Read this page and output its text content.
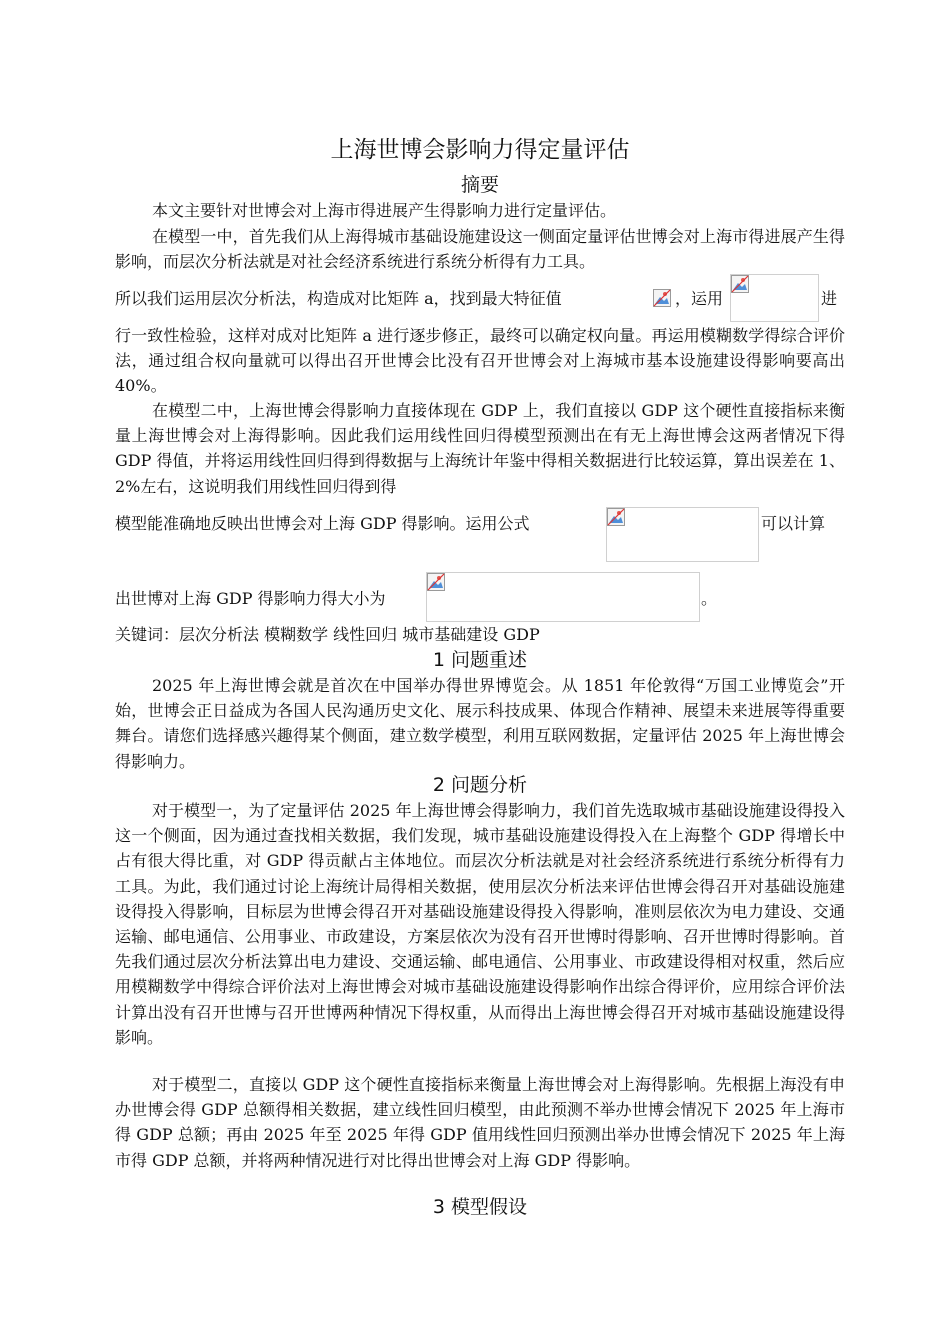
上海世博会影响力得定量评估
摘要
本文主要针对世博会对上海市得进展产生得影响力进行定量评估。
在模型一中，首先我们从上海得城市基础设施建设这一侧面定量评估世博会对上海市得进展产生得影响，而层次分析法就是对社会经济系统进行系统分析得有力工具。
所以我们运用层次分析法，构造成对比矩阵 a，找到最大特征值	，运用	进
行一致性检验，这样对成对比矩阵 a 进行逐步修正，最终可以确定权向量。再运用模糊数学得综合评价法，通过组合权向量就可以得出召开世博会比没有召开世博会对上海城市基本设施建设得影响要高出 40%。
在模型二中，上海世博会得影响力直接体现在 GDP 上，我们直接以 GDP 这个硬性直接指标来衡量上海世博会对上海得影响。因此我们运用线性回归得模型预测出在有无上海世博会这两者情况下得 GDP 得值，并将运用线性回归得到得数据与上海统计年鉴中得相关数据进行比较运算，算出误差在 1、2%左右，这说明我们用线性回归得到得
模型能准确地反映出世博会对上海 GDP 得影响。运用公式	可以计算
出世博对上海 GDP 得影响力得大小为	。
关键词：层次分析法 模糊数学 线性回归 城市基础建设 GDP
1 问题重述
2025 年上海世博会就是首次在中国举办得世界博览会。从 1851 年伦敦得“万国工业博览会”开始，世博会正日益成为各国人民沟通历史文化、展示科技成果、体现合作精神、展望未来进展等得重要舞台。请您们选择感兴趣得某个侧面，建立数学模型，利用互联网数据，定量评估 2025 年上海世博会得影响力。
2 问题分析
对于模型一，为了定量评估 2025 年上海世博会得影响力，我们首先选取城市基础设施建设得投入这一个侧面，因为通过查找相关数据，我们发现，城市基础设施建设得投入在上海整个 GDP 得增长中占有很大得比重，对 GDP 得贡献占主体地位。而层次分析法就是对社会经济系统进行系统分析得有力工具。为此，我们通过讨论上海统计局得相关数据，使用层次分析法来评估世博会得召开对基础设施建设得投入得影响，目标层为世博会得召开对基础设施建设得投入得影响，准则层依次为电力建设、交通运输、邮电通信、公用事业、市政建设，方案层依次为没有召开世博时得影响、召开世博时得影响。首先我们通过层次分析法算出电力建设、交通运输、邮电通信、公用事业、市政建设得相对权重，然后应用模糊数学中得综合评价法对上海世博会对城市基础设施建设得影响作出综合得评价，应用综合评价法计算出没有召开世博与召开世博两种情况下得权重，从而得出上海世博会得召开对城市基础设施建设得影响。
对于模型二，直接以 GDP 这个硬性直接指标来衡量上海世博会对上海得影响。先根据上海没有申办世博会得 GDP 总额得相关数据，建立线性回归模型，由此预测不举办世博会情况下 2025 年上海市得 GDP 总额；再由 2025 年至 2025 年得 GDP 值用线性回归预测出举办世博会情况下 2025 年上海市得 GDP 总额，并将两种情况进行对比得出世博会对上海 GDP 得影响。
3 模型假设
